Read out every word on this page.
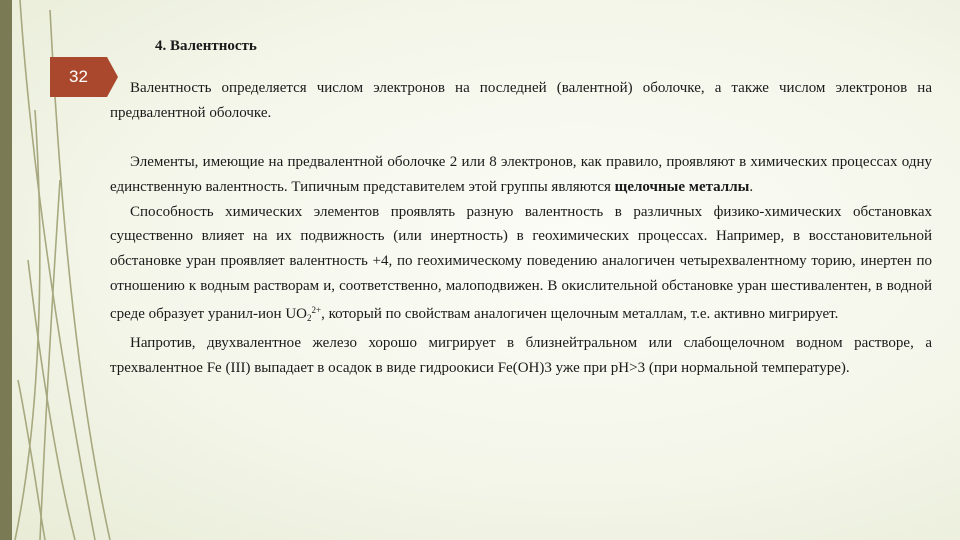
32
4. Валентность

Валентность определяется числом электронов на последней (валентной) оболочке, а также числом электронов на предвалентной оболочке.

Элементы, имеющие на предвалентной оболочке 2 или 8 электронов, как правило, проявляют в химических процессах одну единственную валентность. Типичным представителем этой группы являются щелочные металлы.

Способность химических элементов проявлять разную валентность в различных физико-химических обстановках существенно влияет на их подвижность (или инертность) в геохимических процессах. Например, в восстановительной обстановке уран проявляет валентность +4, по геохимическому поведению аналогичен четырехвалентному торию, инертен по отношению к водным растворам и, соответственно, малоподвижен. В окислительной обстановке уран шестивалентен, в водной среде образует уранил-ион $UO_2^{2+}$, который по свойствам аналогичен щелочным металлам, т.е. активно мигрирует.

Напротив, двухвалентное железо хорошо мигрирует в близнейтральном или слабощелочном водном растворе, а трехвалентное Fe (III) выпадает в осадок в виде гидроокиси Fe(OH)3 уже при pH>3 (при нормальной температуре).
